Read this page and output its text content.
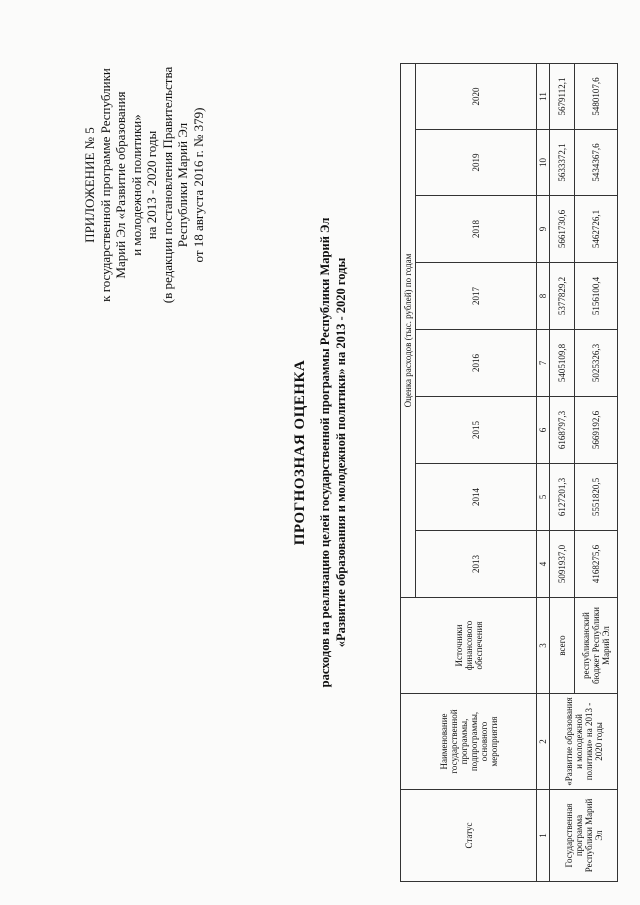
ПРИЛОЖЕНИЕ № 5 к государственной программе Республики Марий Эл «Развитие образования и молодежной политики» на 2013 - 2020 годы (в редакции постановления Правительства Республики Марий Эл от 18 августа 2016 г. № 379)
ПРОГНОЗНАЯ ОЦЕНКА расходов на реализацию целей государственной программы Республики Марий Эл «Развитие образования и молодежной политики» на 2013 - 2020 годы
Статус	Наименование государственной программы, подпрограммы, основного мероприятия	Источники финансового обеспечения	Оценка расходов (тыс. рублей) по годам							
			2013	2014	2015	2016	2017	2018	2019	2020
1	2	3	4	5	6	7	8	9	10	11
Государственная программа Республики Марий Эл	«Развитие образования и молодежной политики» на 2013 - 2020 годы	всего	5091937,0	6127201,3	6168797,3	5405109,8	5377829,2	5661730,6	5633372,1	5679112,1
		республиканский бюджет Республики Марий Эл	4168275,6	5551820,5	5669192,6	5025326,3	5156100,4	5462726,1	5434367,6	5480107,6
